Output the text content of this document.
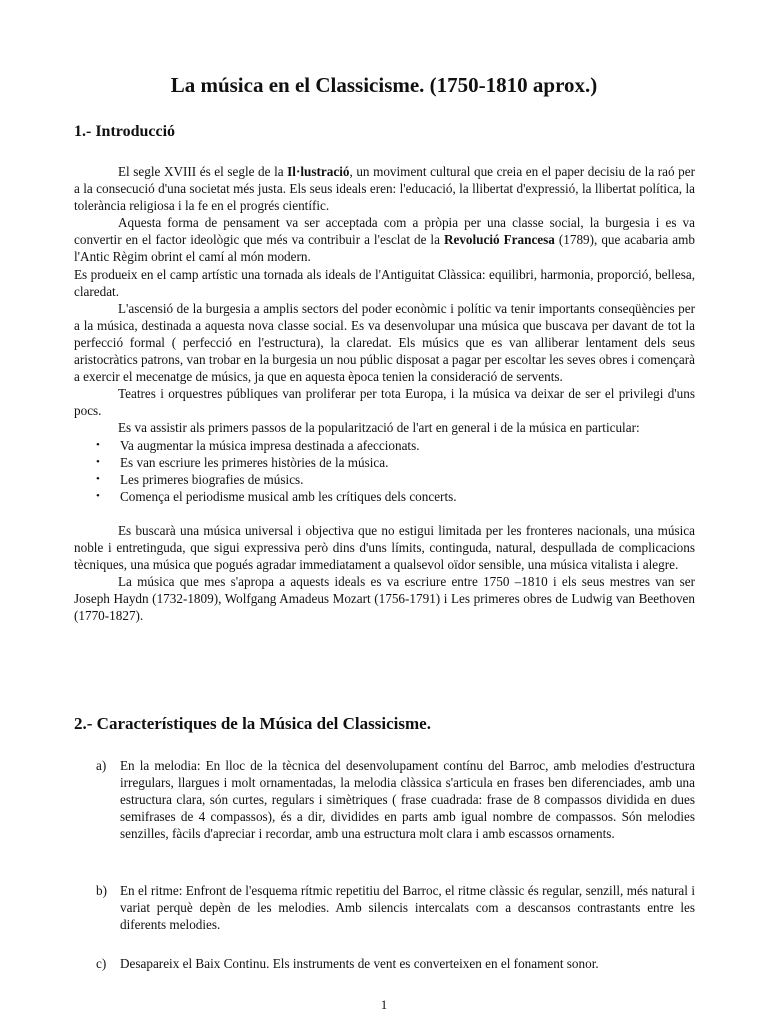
La música en el Classicisme. (1750-1810 aprox.)
1.- Introducció

El segle XVIII és el segle de la Il·lustració, un moviment cultural que creia en el paper decisiu de la raó per a la consecució d'una societat més justa. Els seus ideals eren: l'educació, la llibertat d'expressió, la llibertat política, la tolerància religiosa i la fe en el progrés científic.

Aquesta forma de pensament va ser acceptada com a pròpia per una classe social, la burgesia i es va convertir en el factor ideològic que més va contribuir a l'esclat de la Revolució Francesa (1789), que acabaria amb l'Antic Règim obrint el camí al món modern.

Es produeix en el camp artístic una tornada als ideals de l'Antiguitat Clàssica: equilibri, harmonia, proporció, bellesa, claredat.

L'ascensió de la burgesia a amplis sectors del poder econòmic i polític va tenir importants conseqüències per a la música, destinada a aquesta nova classe social. Es va desenvolupar una música que buscava per davant de tot la perfecció formal ( perfecció en l'estructura), la claredat. Els músics que es van alliberar lentament dels seus aristocràtics patrons, van trobar en la burgesia un nou públic disposat a pagar per escoltar les seves obres i començarà a exercir el mecenatge de músics, ja que en aquesta època tenien la consideració de servents.

Teatres i orquestres públiques van proliferar per tota Europa, i la música va deixar de ser el privilegi d'uns pocs.

Es va assistir als primers passos de la popularització de l'art en general i de la música en particular:

• Va augmentar la música impresa destinada a afeccionats.
• Es van escriure les primeres històries de la música.
• Les primeres biografies de músics.
• Comença el periodisme musical amb les crítiques dels concerts.

Es buscarà una música universal i objectiva que no estigui limitada per les fronteres nacionals, una música noble i entretinguda, que sigui expressiva però dins d'uns límits, continguda, natural, despullada de complicacions tècniques, una música que pogués agradar immediatament a qualsevol oïdor sensible, una música vitalista i alegre.

La música que mes s'apropa a aquests ideals es va escriure entre 1750 –1810 i els seus mestres van ser Joseph Haydn (1732-1809), Wolfgang Amadeus Mozart (1756-1791) i Les primeres obres de Ludwig van Beethoven (1770-1827).

2.- Característiques de la Música del Classicisme.
a) En la melodia: En lloc de la tècnica del desenvolupament contínu del Barroc, amb melodies d'estructura irregulars, llargues i molt ornamentadas, la melodia clàssica s'articula en frases ben diferenciades, amb una estructura clara, són curtes, regulars i simètriques ( frase cuadrada: frase de 8 compassos dividida en dues semifrases de 4 compassos), és a dir, dividides en parts amb igual nombre de compassos. Són melodies senzilles, fàcils d'apreciar i recordar, amb una estructura molt clara i amb escassos ornaments.
b) En el ritme: Enfront de l'esquema rítmic repetitiu del Barroc, el ritme clàssic és regular, senzill, més natural i variat perquè depèn de les melodies. Amb silencis intercalats com a descansos contrastants entre les diferents melodies.
c) Desapareix el Baix Continu. Els instruments de vent es converteixen en el fonament sonor.
1
